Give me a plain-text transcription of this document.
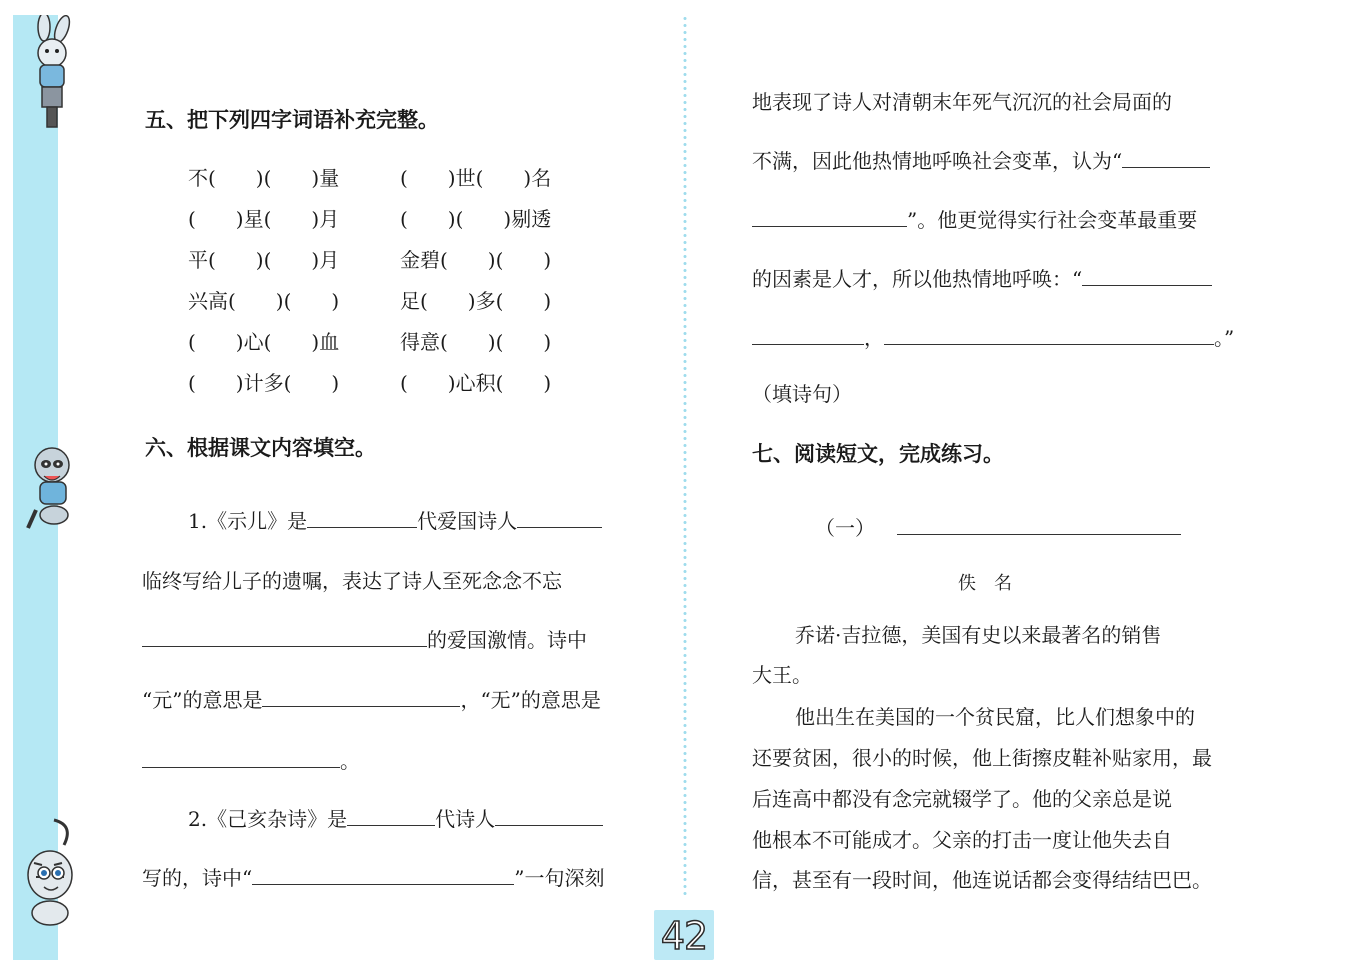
42
五、把下列四字词语补充完整。
不(　　)(　　)量	(　　)世(　　)名
(　　)星(　　)月	(　　)(　　)剔透
平(　　)(　　)月	金碧(　　)(　　)
兴高(　　)(　　)	足(　　)多(　　)
(　　)心(　　)血	得意(　　)(　　)
(　　)计多(　　)	(　　)心积(　　)
六、根据课文内容填空。
1.《示儿》是	代爱国诗人
临终写给儿子的遗嘱，表达了诗人至死念念不忘
的爱国激情。诗中
“元”的意思是	，“无”的意思是
。
2.《己亥杂诗》是	代诗人
写的，诗中“	”一句深刻
地表现了诗人对清朝末年死气沉沉的社会局面的
不满，因此他热情地呼唤社会变革，认为“
”。他更觉得实行社会变革最重要
的因素是人才，所以他热情地呼唤：“
，	。”
（填诗句）
七、阅读短文，完成练习。
（一）
佚　名
乔诺·吉拉德，美国有史以来最著名的销售
大王。
他出生在美国的一个贫民窟，比人们想象中的
还要贫困，很小的时候，他上街擦皮鞋补贴家用，最
后连高中都没有念完就辍学了。他的父亲总是说
他根本不可能成才。父亲的打击一度让他失去自
信，甚至有一段时间，他连说话都会变得结结巴巴。
